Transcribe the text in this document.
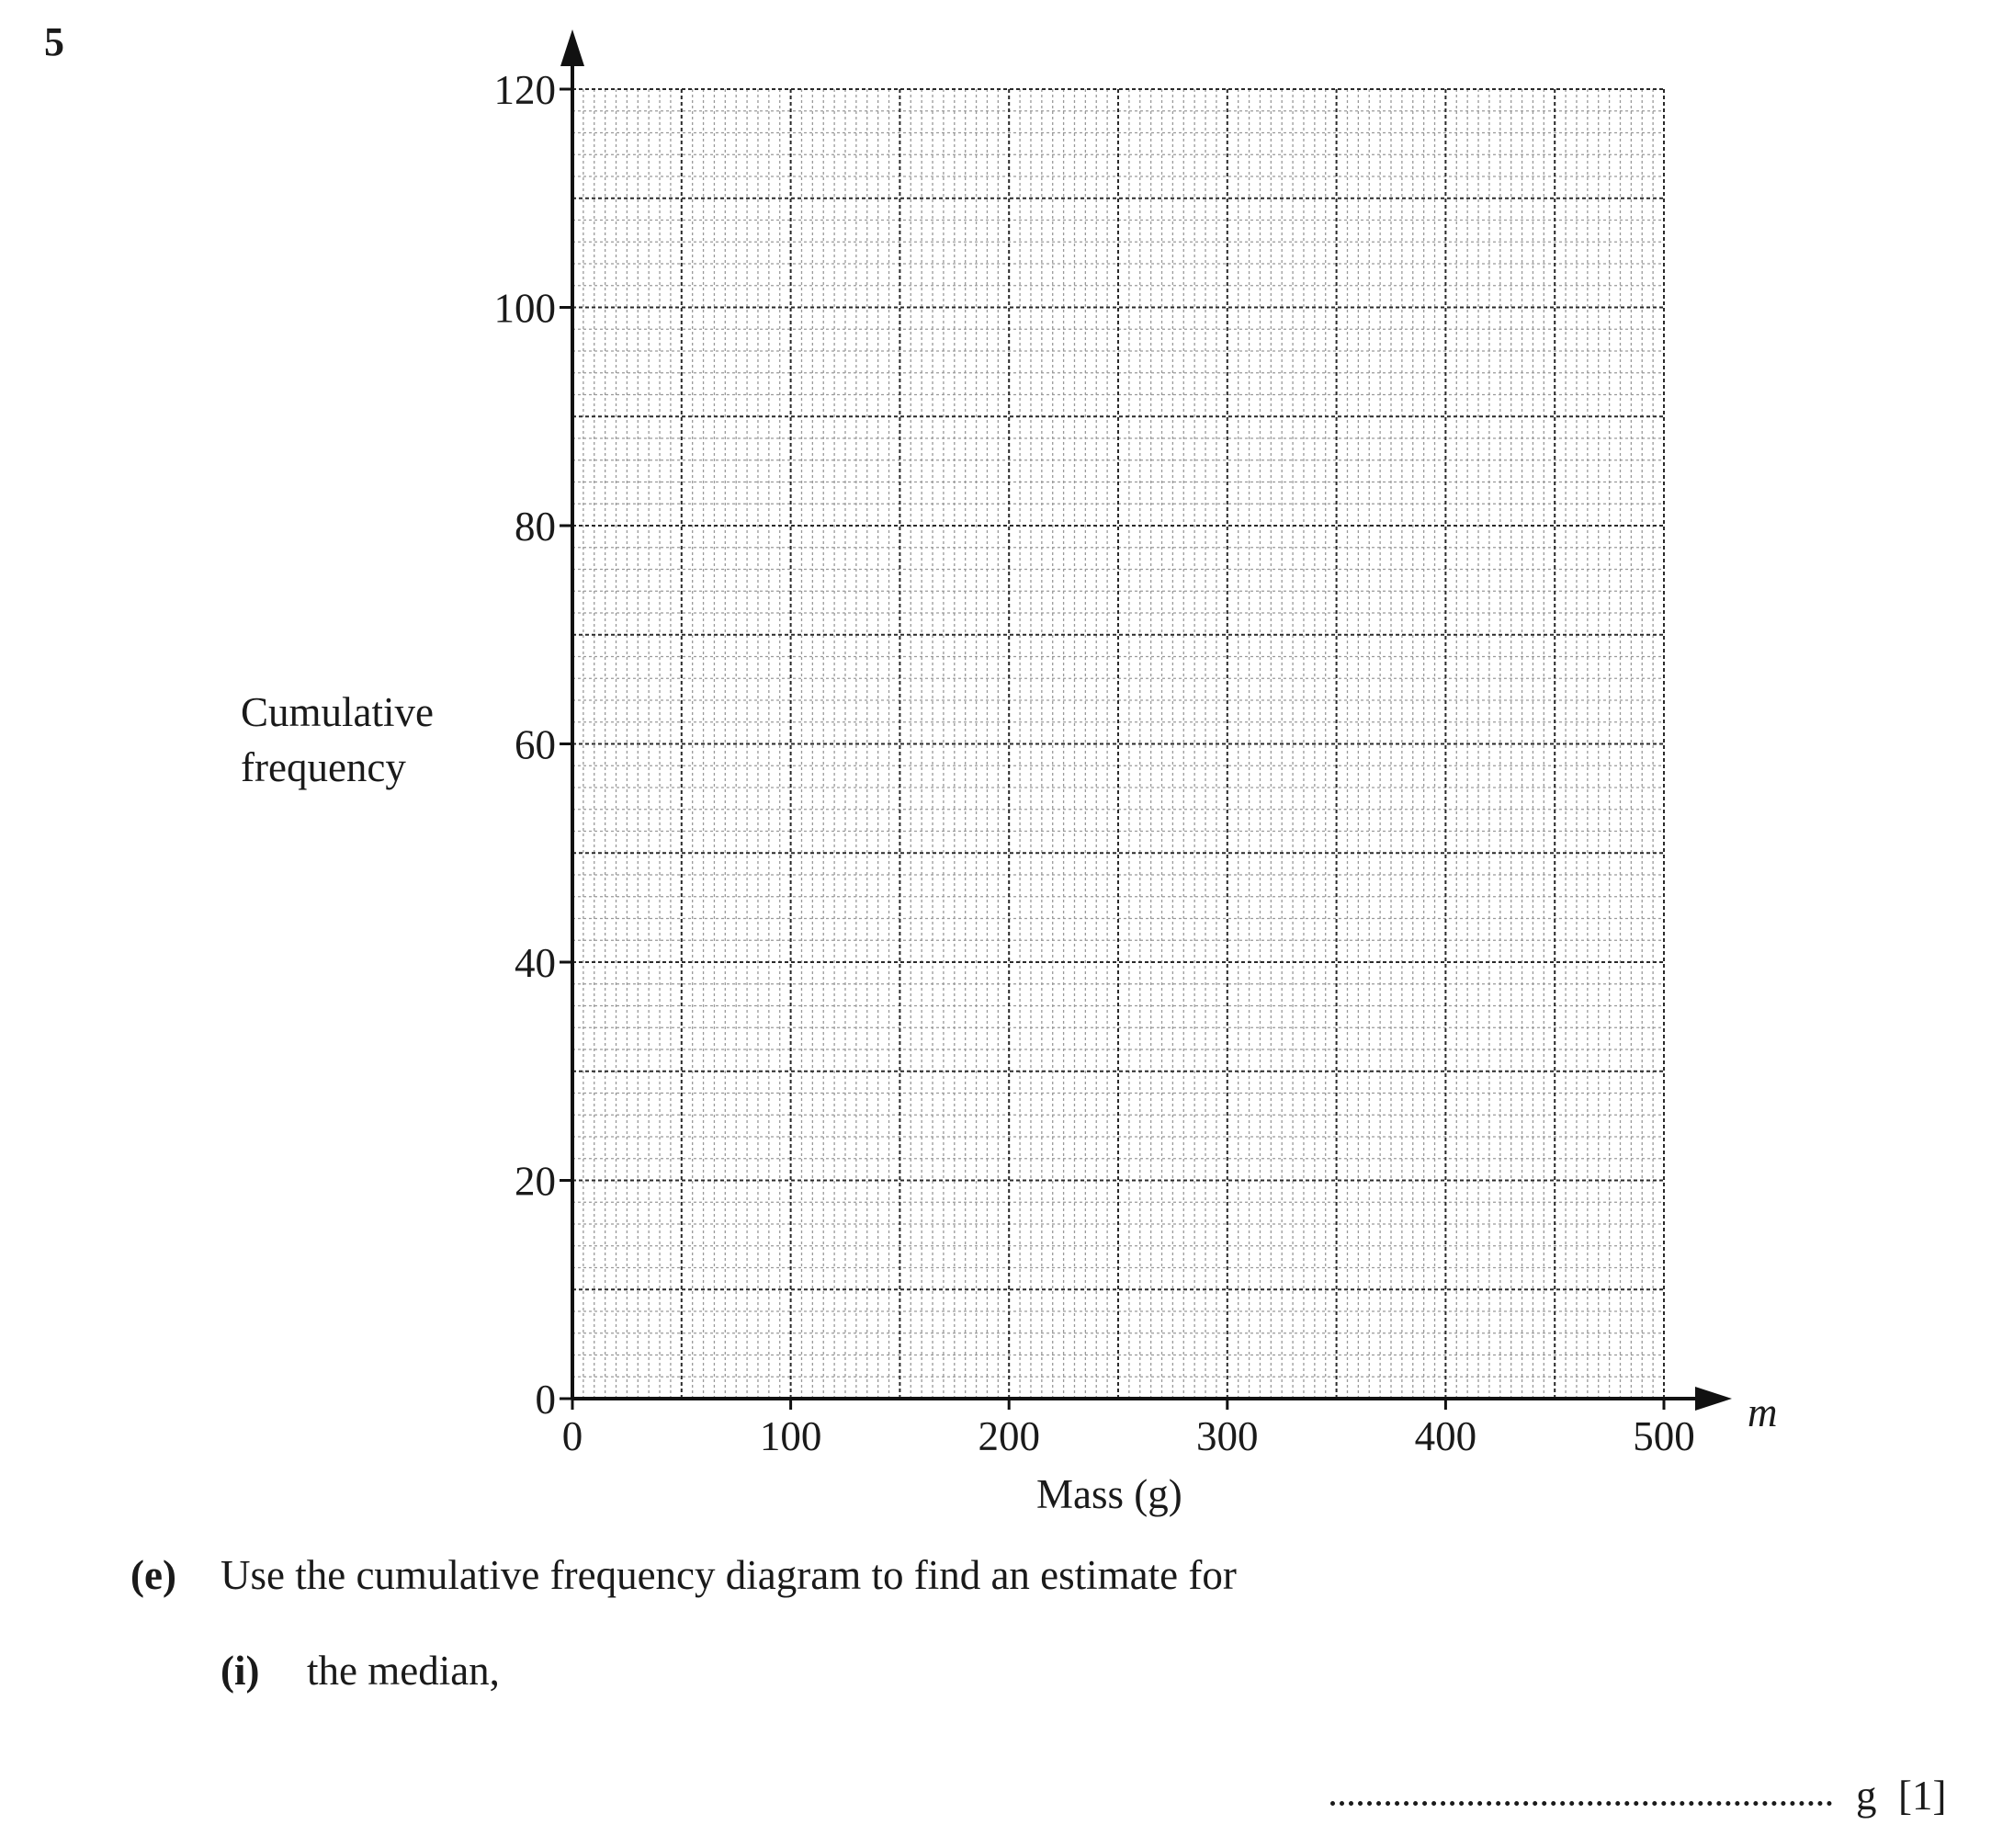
5
Cumulative frequency
0
20
40
60
80
100
120
0	100	200	300	400	500
m
Mass (g)
(e) Use the cumulative frequency diagram to find an estimate for
(i) the median,
g [1]
